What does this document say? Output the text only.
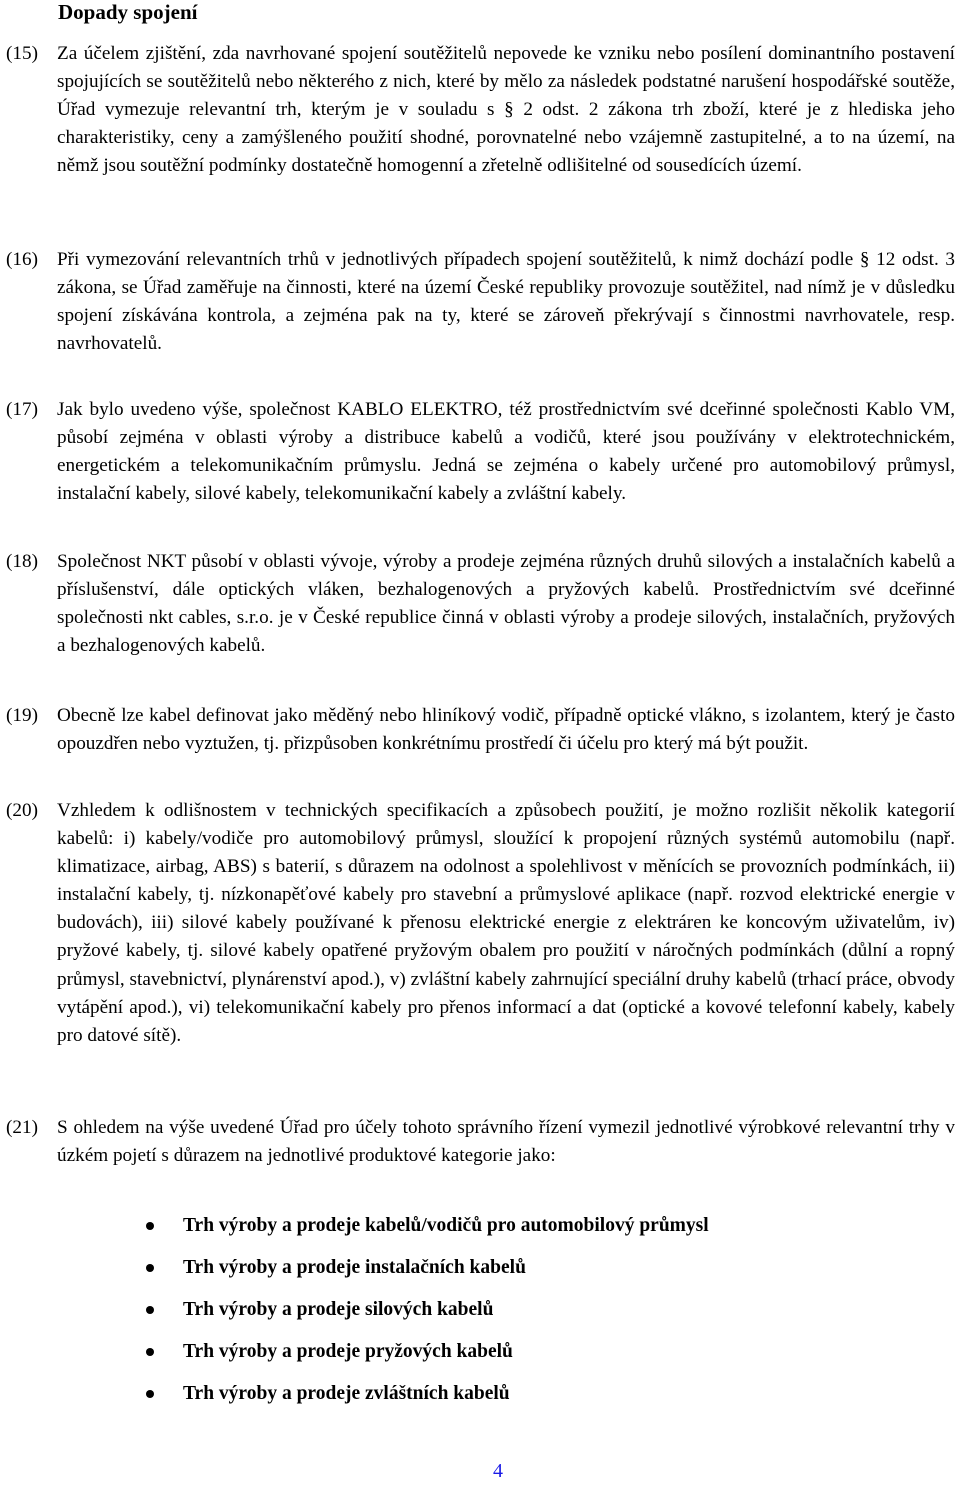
Dopady spojení
(15) Za účelem zjištění, zda navrhované spojení soutěžitelů nepovede ke vzniku nebo posílení dominantního postavení spojujících se soutěžitelů nebo některého z nich, které by mělo za následek podstatné narušení hospodářské soutěže, Úřad vymezuje relevantní trh, kterým je v souladu s § 2 odst. 2 zákona trh zboží, které je z hlediska jeho charakteristiky, ceny a zamýšleného použití shodné, porovnatelné nebo vzájemně zastupitelné, a to na území, na němž jsou soutěžní podmínky dostatečně homogenní a zřetelně odlišitelné od sousedících území.
(16) Při vymezování relevantních trhů v jednotlivých případech spojení soutěžitelů, k nimž dochází podle § 12 odst. 3 zákona, se Úřad zaměřuje na činnosti, které na území České republiky provozuje soutěžitel, nad nímž je v důsledku spojení získávána kontrola, a zejména pak na ty, které se zároveň překrývají s činnostmi navrhovatele, resp. navrhovatelů.
(17) Jak bylo uvedeno výše, společnost KABLO ELEKTRO, též prostřednictvím své dceřinné společnosti Kablo VM, působí zejména v oblasti výroby a distribuce kabelů a vodičů, které jsou používány v elektrotechnickém, energetickém a telekomunikačním průmyslu. Jedná se zejména o kabely určené pro automobilový průmysl, instalační kabely, silové kabely, telekomunikační kabely a zvláštní kabely.
(18) Společnost NKT působí v oblasti vývoje, výroby a prodeje zejména různých druhů silových a instalačních kabelů a příslušenství, dále optických vláken, bezhalogenových a pryžových kabelů. Prostřednictvím své dceřinné společnosti nkt cables, s.r.o. je v České republice činná v oblasti výroby a prodeje silových, instalačních, pryžových a bezhalogenových kabelů.
(19) Obecně lze kabel definovat jako měděný nebo hliníkový vodič, případně optické vlákno, s izolantem, který je často opouzdřen nebo vyztužen, tj. přizpůsoben konkrétnímu prostředí či účelu pro který má být použit.
(20) Vzhledem k odlišnostem v technických specifikacích a způsobech použití, je možno rozlišit několik kategorií kabelů: i) kabely/vodiče pro automobilový průmysl, sloužící k propojení různých systémů automobilu (např. klimatizace, airbag, ABS) s baterií, s důrazem na odolnost a spolehlivost v měnících se provozních podmínkách, ii) instalační kabely, tj. nízkonapěťové kabely pro stavební a průmyslové aplikace (např. rozvod elektrické energie v budovách), iii) silové kabely používané k přenosu elektrické energie z elektráren ke koncovým uživatelům, iv) pryžové kabely, tj. silové kabely opatřené pryžovým obalem pro použití v náročných podmínkách (důlní a ropný průmysl, stavebnictví, plynárenství apod.), v) zvláštní kabely zahrnující speciální druhy kabelů (trhací práce, obvody vytápění apod.), vi) telekomunikační kabely pro přenos informací a dat (optické a kovové telefonní kabely, kabely pro datové sítě).
(21) S ohledem na výše uvedené Úřad pro účely tohoto správního řízení vymezil jednotlivé výrobkové relevantní trhy v úzkém pojetí s důrazem na jednotlivé produktové kategorie jako:
Trh výroby a prodeje kabelů/vodičů pro automobilový průmysl
Trh výroby a prodeje instalačních kabelů
Trh výroby a prodeje silových kabelů
Trh výroby a prodeje pryžových kabelů
Trh výroby a prodeje zvláštních kabelů
4
